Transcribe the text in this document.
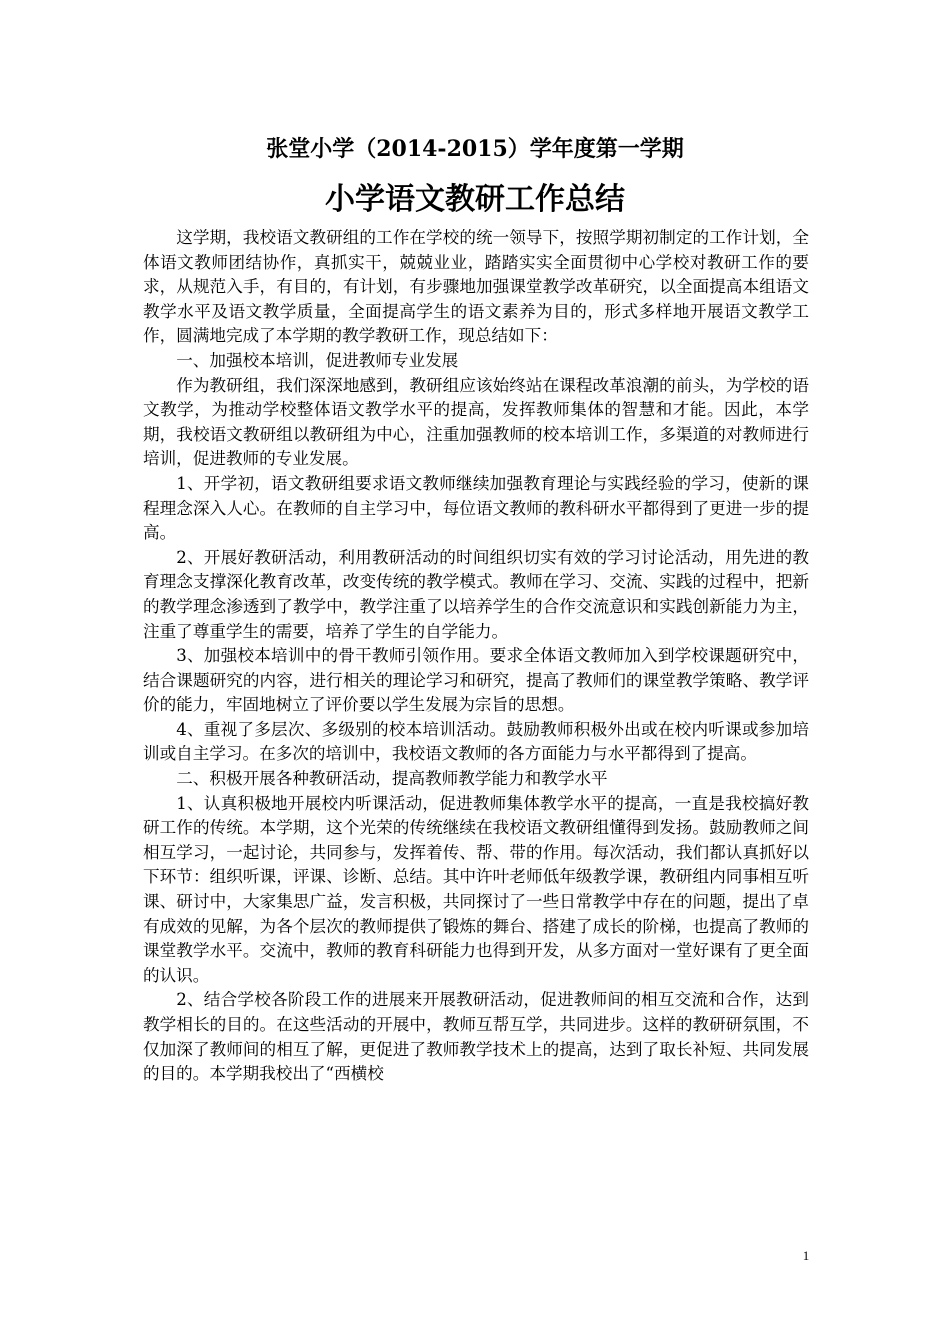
张堂小学（2014-2015）学年度第一学期
小学语文教研工作总结

这学期，我校语文教研组的工作在学校的统一领导下，按照学期初制定的工作计划，全体语文教师团结协作，真抓实干，兢兢业业，踏踏实实全面贯彻中心学校对教研工作的要求，从规范入手，有目的，有计划，有步骤地加强课堂教学改革研究，以全面提高本组语文教学水平及语文教学质量，全面提高学生的语文素养为目的，形式多样地开展语文教学工作，圆满地完成了本学期的教学教研工作，现总结如下：

一、加强校本培训，促进教师专业发展

作为教研组，我们深深地感到，教研组应该始终站在课程改革浪潮的前头，为学校的语文教学，为推动学校整体语文教学水平的提高，发挥教师集体的智慧和才能。因此，本学期，我校语文教研组以教研组为中心，注重加强教师的校本培训工作，多渠道的对教师进行培训，促进教师的专业发展。

1、开学初，语文教研组要求语文教师继续加强教育理论与实践经验的学习，使新的课程理念深入人心。在教师的自主学习中，每位语文教师的教科研水平都得到了更进一步的提高。

2、开展好教研活动，利用教研活动的时间组织切实有效的学习讨论活动，用先进的教育理念支撑深化教育改革，改变传统的教学模式。教师在学习、交流、实践的过程中，把新的教学理念渗透到了教学中，教学注重了以培养学生的合作交流意识和实践创新能力为主，注重了尊重学生的需要，培养了学生的自学能力。

3、加强校本培训中的骨干教师引领作用。要求全体语文教师加入到学校课题研究中，结合课题研究的内容，进行相关的理论学习和研究，提高了教师们的课堂教学策略、教学评价的能力，牢固地树立了评价要以学生发展为宗旨的思想。

4、重视了多层次、多级别的校本培训活动。鼓励教师积极外出或在校内听课或参加培训或自主学习。在多次的培训中，我校语文教师的各方面能力与水平都得到了提高。

二、积极开展各种教研活动，提高教师教学能力和教学水平

1、认真积极地开展校内听课活动，促进教师集体教学水平的提高，一直是我校搞好教研工作的传统。本学期，这个光荣的传统继续在我校语文教研组懂得到发扬。鼓励教师之间相互学习，一起讨论，共同参与，发挥着传、帮、带的作用。每次活动，我们都认真抓好以下环节：组织听课，评课、诊断、总结。其中许叶老师低年级教学课，教研组内同事相互听课、研讨中，大家集思广益，发言积极，共同探讨了一些日常教学中存在的问题，提出了卓有成效的见解，为各个层次的教师提供了锻炼的舞台、搭建了成长的阶梯，也提高了教师的课堂教学水平。交流中，教师的教育科研能力也得到开发，从多方面对一堂好课有了更全面的认识。

2、结合学校各阶段工作的进展来开展教研活动，促进教师间的相互交流和合作，达到教学相长的目的。在这些活动的开展中，教师互帮互学，共同进步。这样的教研研氛围，不仅加深了教师间的相互了解，更促进了教师教学技术上的提高，达到了取长补短、共同发展的目的。本学期我校出了“西横校

1
